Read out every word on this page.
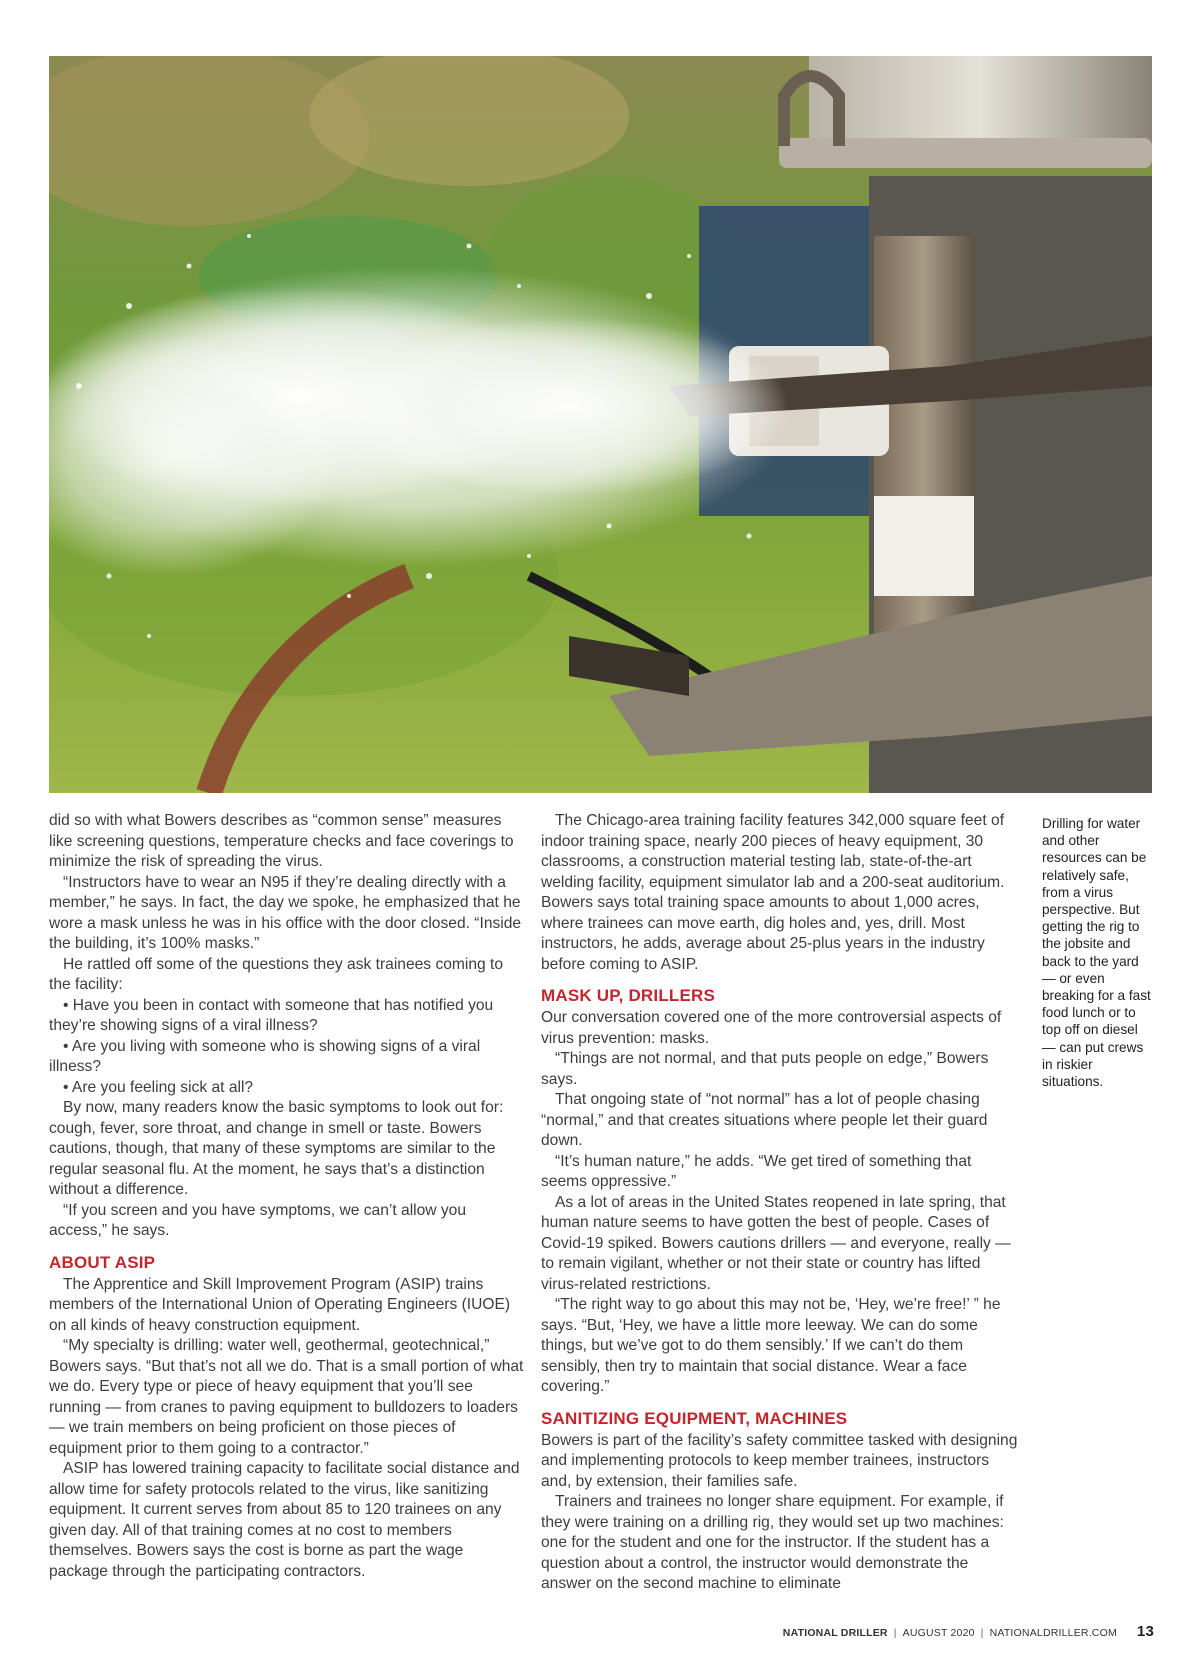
did so with what Bowers describes as “common sense” measures like screening questions, temperature checks and face coverings to minimize the risk of spreading the virus.

“Instructors have to wear an N95 if they’re dealing directly with a member,” he says. In fact, the day we spoke, he emphasized that he wore a mask unless he was in his office with the door closed. “Inside the building, it’s 100% masks.”

He rattled off some of the questions they ask trainees coming to the facility:

• Have you been in contact with someone that has notified you they’re showing signs of a viral illness?

• Are you living with someone who is showing signs of a viral illness?

• Are you feeling sick at all?

By now, many readers know the basic symptoms to look out for: cough, fever, sore throat, and change in smell or taste. Bowers cautions, though, that many of these symptoms are similar to the regular seasonal flu. At the moment, he says that’s a distinction without a difference.

“If you screen and you have symptoms, we can’t allow you access,” he says.

ABOUT ASIP

The Apprentice and Skill Improvement Program (ASIP) trains members of the International Union of Operating Engineers (IUOE) on all kinds of heavy construction equipment.

“My specialty is drilling: water well, geothermal, geotechnical,” Bowers says. “But that’s not all we do. That is a small portion of what we do. Every type or piece of heavy equipment that you’ll see running — from cranes to paving equipment to bulldozers to loaders — we train members on being proficient on those pieces of equipment prior to them going to a contractor.”

ASIP has lowered training capacity to facilitate social distance and allow time for safety protocols related to the virus, like sanitizing equipment. It current serves from about 85 to 120 trainees on any given day. All of that training comes at no cost to members themselves. Bowers says the cost is borne as part the wage package through the participating contractors.

The Chicago-area training facility features 342,000 square feet of indoor training space, nearly 200 pieces of heavy equipment, 30 classrooms, a construction material testing lab, state-of-the-art welding facility, equipment simulator lab and a 200-seat auditorium. Bowers says total training space amounts to about 1,000 acres, where trainees can move earth, dig holes and, yes, drill. Most instructors, he adds, average about 25-plus years in the industry before coming to ASIP.

MASK UP, DRILLERS

Our conversation covered one of the more controversial aspects of virus prevention: masks.

“Things are not normal, and that puts people on edge,” Bowers says.

That ongoing state of “not normal” has a lot of people chasing “normal,” and that creates situations where people let their guard down.

“It’s human nature,” he adds. “We get tired of something that seems oppressive.”

As a lot of areas in the United States reopened in late spring, that human nature seems to have gotten the best of people. Cases of Covid-19 spiked. Bowers cautions drillers — and everyone, really — to remain vigilant, whether or not their state or country has lifted virus-related restrictions.

“The right way to go about this may not be, ‘Hey, we’re free!’ ” he says. “But, ‘Hey, we have a little more leeway. We can do some things, but we’ve got to do them sensibly.’ If we can’t do them sensibly, then try to maintain that social distance. Wear a face covering.”

SANITIZING EQUIPMENT, MACHINES

Bowers is part of the facility’s safety committee tasked with designing and implementing protocols to keep member trainees, instructors and, by extension, their families safe.

Trainers and trainees no longer share equipment. For example, if they were training on a drilling rig, they would set up two machines: one for the student and one for the instructor. If the student has a question about a control, the instructor would demonstrate the answer on the second machine to eliminate

Drilling for water and other resources can be relatively safe, from a virus perspective. But getting the rig to the jobsite and back to the yard — or even breaking for a fast food lunch or to top off on diesel — can put crews in riskier situations.
NATIONAL DRILLER | AUGUST 2020 | NATIONALDRILLER.COM 13
